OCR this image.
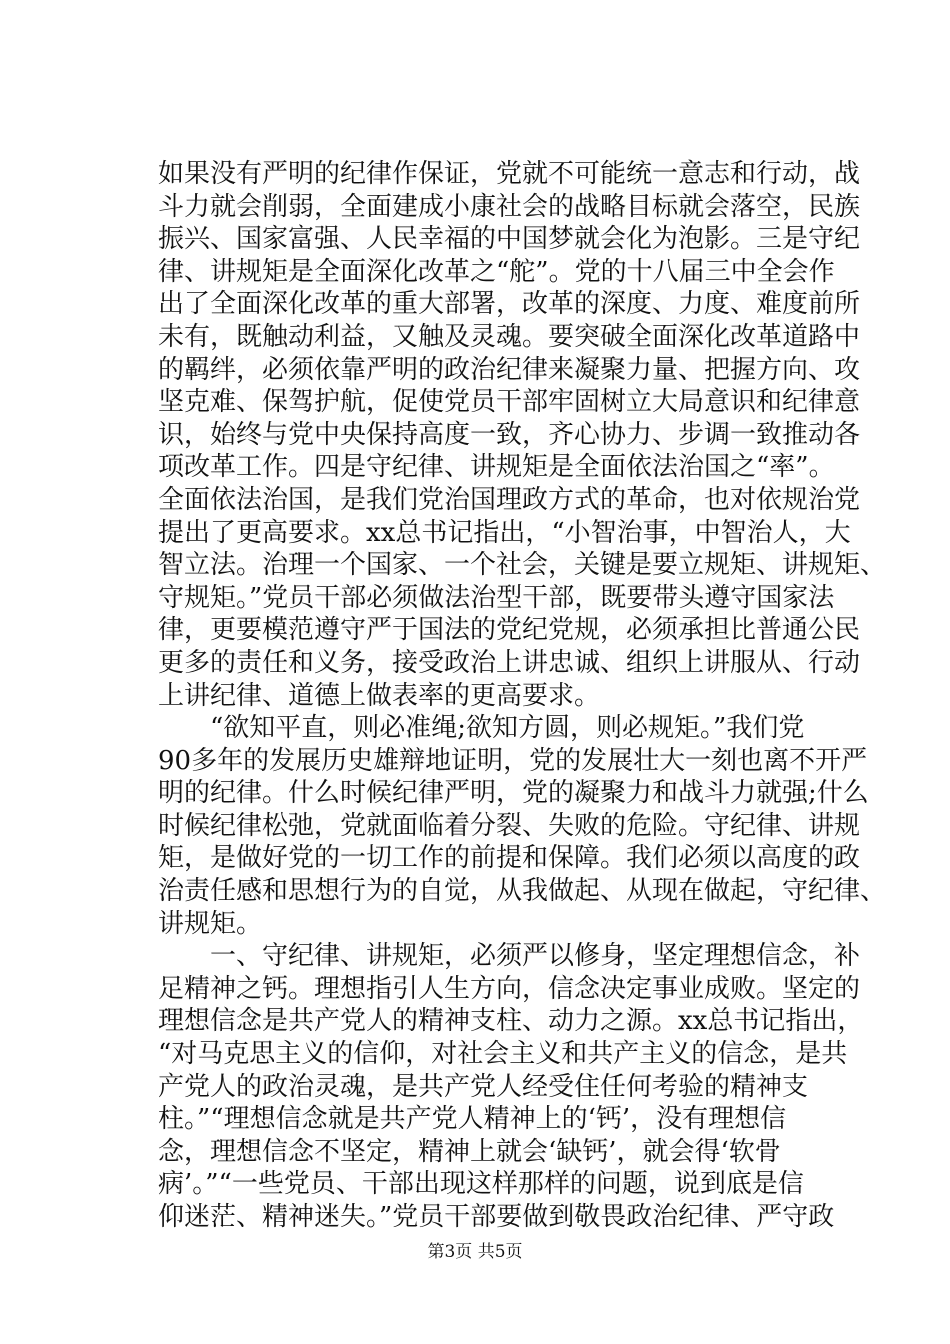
如果没有严明的纪律作保证，党就不可能统一意志和行动，战
斗力就会削弱，全面建成小康社会的战略目标就会落空，民族
振兴、国家富强、人民幸福的中国梦就会化为泡影。三是守纪
律、讲规矩是全面深化改革之“舵”。党的十八届三中全会作
出了全面深化改革的重大部署，改革的深度、力度、难度前所
未有，既触动利益，又触及灵魂。要突破全面深化改革道路中
的羁绊，必须依靠严明的政治纪律来凝聚力量、把握方向、攻
坚克难、保驾护航，促使党员干部牢固树立大局意识和纪律意
识，始终与党中央保持高度一致，齐心协力、步调一致推动各
项改革工作。四是守纪律、讲规矩是全面依法治国之“率”。
全面依法治国，是我们党治国理政方式的革命，也对依规治党
提出了更高要求。xx总书记指出，“小智治事，中智治人，大
智立法。治理一个国家、一个社会，关键是要立规矩、讲规矩、
守规矩。”党员干部必须做法治型干部，既要带头遵守国家法
律，更要模范遵守严于国法的党纪党规，必须承担比普通公民
更多的责任和义务，接受政治上讲忠诚、组织上讲服从、行动
上讲纪律、道德上做表率的更高要求。
　　“欲知平直，则必准绳;欲知方圆，则必规矩。”我们党
90多年的发展历史雄辩地证明，党的发展壮大一刻也离不开严
明的纪律。什么时候纪律严明，党的凝聚力和战斗力就强;什么
时候纪律松弛，党就面临着分裂、失败的危险。守纪律、讲规
矩，是做好党的一切工作的前提和保障。我们必须以高度的政
治责任感和思想行为的自觉，从我做起、从现在做起，守纪律、
讲规矩。
　　一、守纪律、讲规矩，必须严以修身，坚定理想信念，补
足精神之钙。理想指引人生方向，信念决定事业成败。坚定的
理想信念是共产党人的精神支柱、动力之源。xx总书记指出，
“对马克思主义的信仰，对社会主义和共产主义的信念，是共
产党人的政治灵魂，是共产党人经受住任何考验的精神支
柱。”“理想信念就是共产党人精神上的‘钙’，没有理想信
念，理想信念不坚定，精神上就会‘缺钙’，就会得‘软骨
病’。”“一些党员、干部出现这样那样的问题，说到底是信
仰迷茫、精神迷失。”党员干部要做到敬畏政治纪律、严守政
第3页 共5页
